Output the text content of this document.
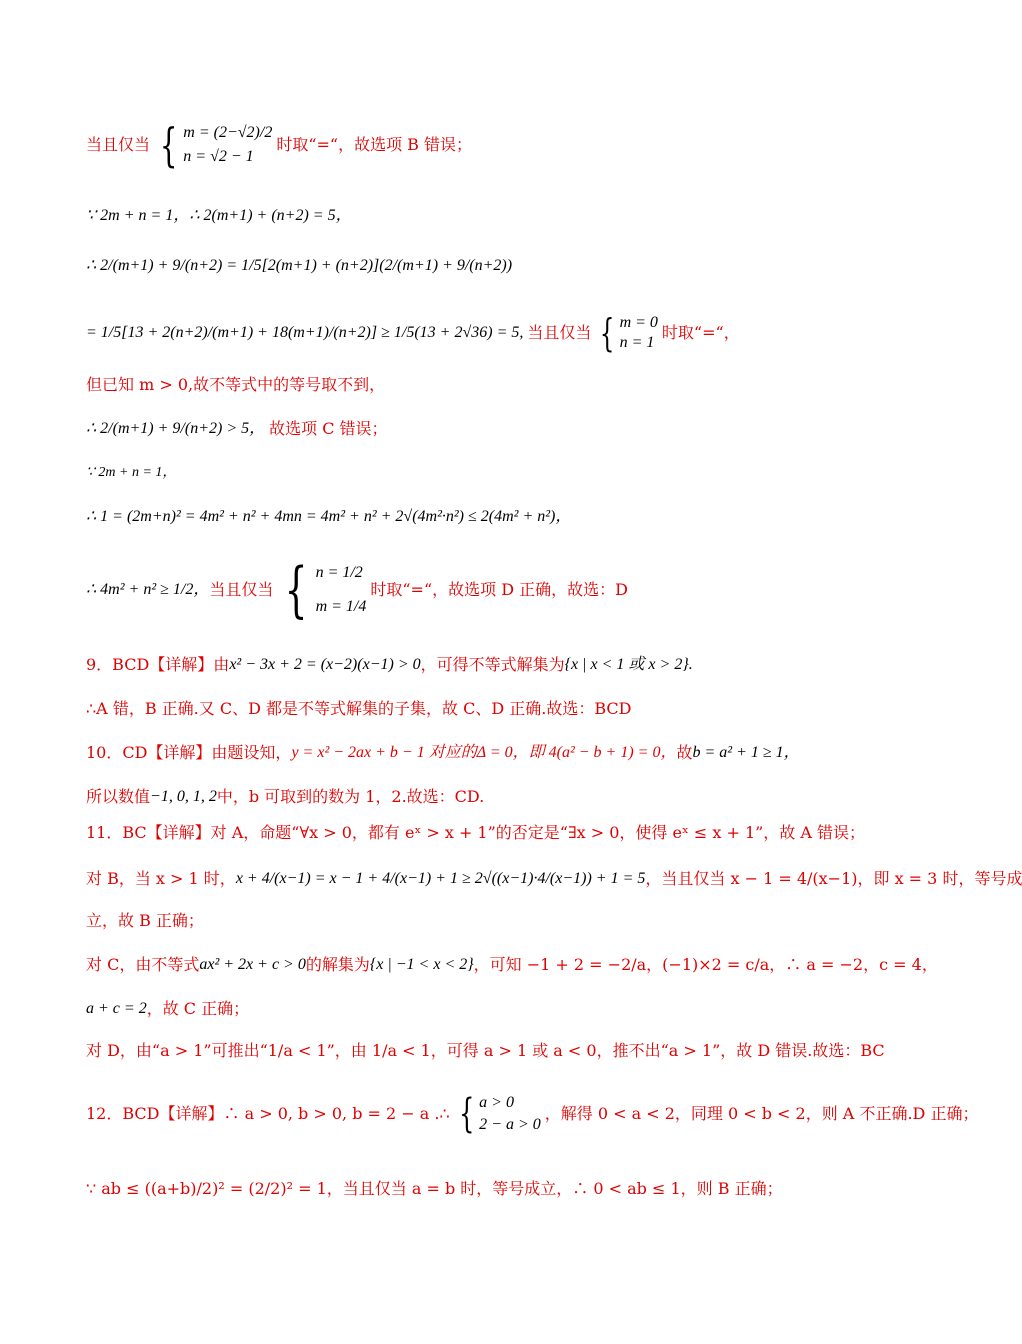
当且仅当 { m = (2−√2)/2
n = √2 − 1
时取“=“，故选项 B 错误；
∵ 2m + n = 1，∴ 2(m+1) + (n+2) = 5，
∴ 2/(m+1) + 9/(n+2) = 1/5[2(m+1) + (n+2)](2/(m+1) + 9/(n+2))
= 1/5[13 + 2(n+2)/(m+1) + 18(m+1)/(n+2)] ≥ 1/5(13 + 2√36) = 5, 当且仅当 { m = 0
n = 1
时取“=“，
但已知 m > 0,故不等式中的等号取不到，
∴ 2/(m+1) + 9/(n+2) > 5， 故选项 C 错误；
∵ 2m + n = 1，
∴ 1 = (2m+n)² = 4m² + n² + 4mn = 4m² + n² + 2√(4m²·n²) ≤ 2(4m² + n²)，
∴ 4m² + n² ≥ 1/2， 当且仅当 { n = 1/2
m = 1/4
时取“=“，故选项 D 正确，故选：D
9．BCD【详解】由 x² − 3x + 2 = (x−2)(x−1) > 0 ，可得不等式解集为 {x | x < 1 或 x > 2}.
∴A 错，B 正确.又 C、D 都是不等式解集的子集，故 C、D 正确.故选：BCD
10．CD【详解】由题设知， y = x² − 2ax + b − 1 对应的Δ = 0，即 4(a² − b + 1) = 0， 故 b = a² + 1 ≥ 1，
所以数值 −1, 0, 1, 2 中，b 可取到的数为 1，2.故选：CD.
11．BC【详解】对 A，命题“∀x > 0，都有 eˣ > x + 1”的否定是“∃x > 0，使得 eˣ ≤ x + 1”， 故 A 错误；
对 B，当 x > 1 时， x + 4/(x−1) = x − 1 + 4/(x−1) + 1 ≥ 2√((x−1)·4/(x−1)) + 1 = 5 ，当且仅当 x − 1 = 4/(x−1)，即 x = 3 时，等号成
立，故 B 正确；
对 C，由不等式 ax² + 2x + c > 0 的解集为 {x | −1 < x < 2} ，可知 −1 + 2 = −2/a，(−1)×2 = c/a，∴ a = −2，c = 4，
a + c = 2 ，故 C 正确；
对 D，由“a > 1”可推出“1/a < 1”，由 1/a < 1，可得 a > 1 或 a < 0，推不出“a > 1”，故 D 错误.故选：BC
12．BCD【详解】∴ a > 0, b > 0, b = 2 − a .∴ { a > 0
2 − a > 0
，解得 0 < a < 2，同理 0 < b < 2，则 A 不正确.D 正确；
∵ ab ≤ ((a+b)/2)² = (2/2)² = 1，当且仅当 a = b 时，等号成立，∴ 0 < ab ≤ 1，则 B 正确；
